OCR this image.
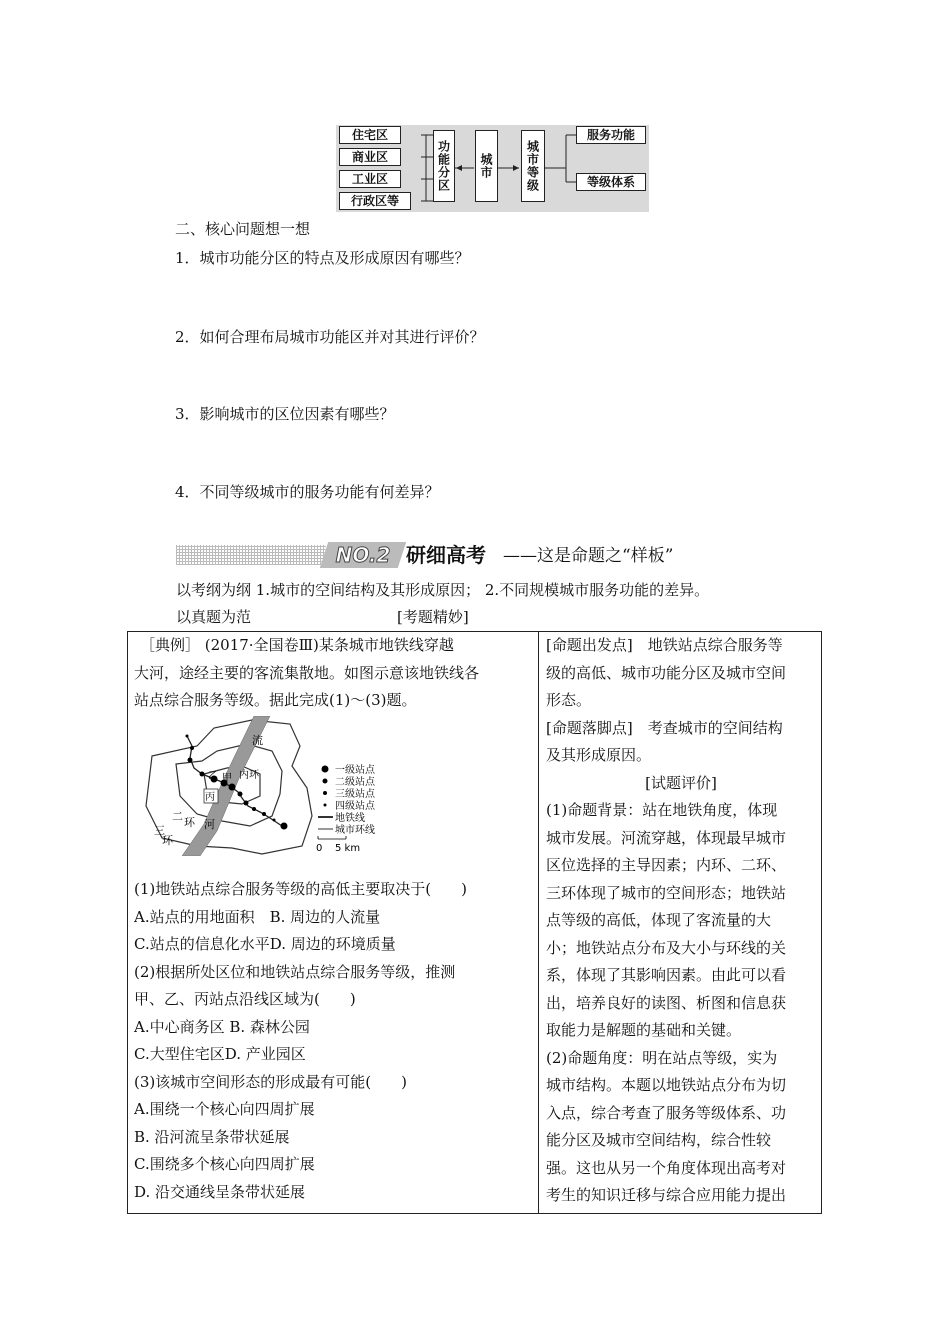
住宅区
商业区
工业区
行政区等
功能分区	城市	城市等级
服务功能
等级体系
二、核心问题想一想
1．城市功能分区的特点及形成原因有哪些？
2．如何合理布局城市功能区并对其进行评价？
3．影响城市的区位因素有哪些？
4．不同等级城市的服务功能有何差异？
NO.2 研细高考 ——这是命题之“样板”
以考纲为纲 1.城市的空间结构及其形成原因； 2.不同规模城市服务功能的差异。
以真题为范	[考题精妙]
［典例］ (2017·全国卷Ⅲ)某条城市地铁线穿越
大河，途经主要的客流集散地。如图示意该地铁线各
站点综合服务等级。据此完成(1)～(3)题。
流
河
内环
二 环
三
环
甲
乙
丙
一级站点
二级站点
三级站点
四级站点
地铁线
城市环线
0 5 km
(1)地铁站点综合服务等级的高低主要取决于(　　)
A.站点的用地面积　B. 周边的人流量
C.站点的信息化水平D. 周边的环境质量
(2)根据所处区位和地铁站点综合服务等级，推测
甲、乙、丙站点沿线区域为(　　)
A.中心商务区 B. 森林公园
C.大型住宅区D. 产业园区
(3)该城市空间形态的形成最有可能(　　)
A.围绕一个核心向四周扩展
B. 沿河流呈条带状延展
C.围绕多个核心向四周扩展
D. 沿交通线呈条带状延展
[命题出发点]　地铁站点综合服务等
级的高低、城市功能分区及城市空间
形态。
[命题落脚点]　考查城市的空间结构
及其形成原因。
[试题评价]
(1)命题背景：站在地铁角度，体现
城市发展。河流穿越，体现最早城市
区位选择的主导因素；内环、二环、
三环体现了城市的空间形态；地铁站
点等级的高低，体现了客流量的大
小；地铁站点分布及大小与环线的关
系，体现了其影响因素。由此可以看
出，培养良好的读图、析图和信息获
取能力是解题的基础和关键。
(2)命题角度：明在站点等级，实为
城市结构。本题以地铁站点分布为切
入点，综合考查了服务等级体系、功
能分区及城市空间结构，综合性较
强。这也从另一个角度体现出高考对
考生的知识迁移与综合应用能力提出
